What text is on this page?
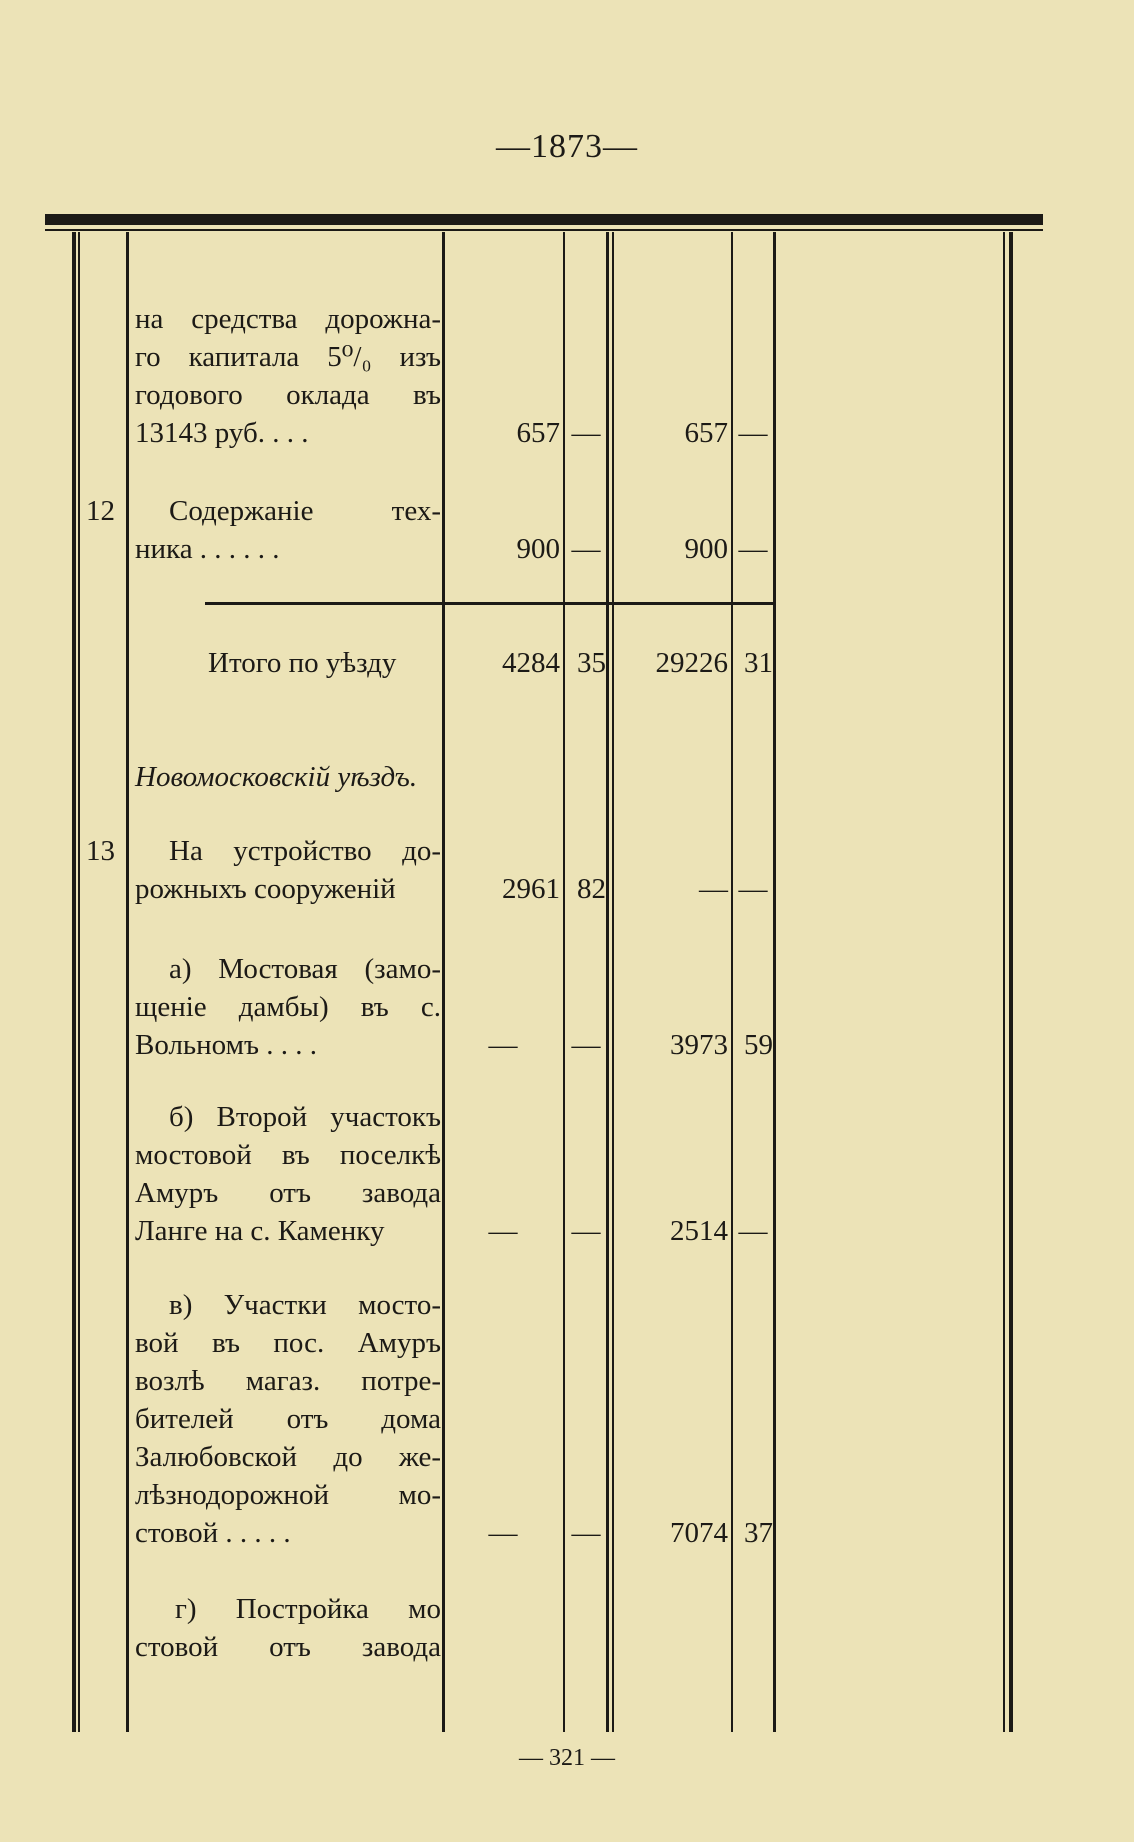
—1873—
на средства дорожна-
го капитала 5⁰/₀ изъ
годового оклада въ
13143 руб. . . .	657 —	657 —
12	Содержаніе тех-
ника . . . . . .	900 —	900 —
Итого по уѣзду	4284 35	29226 31
Новомосковскій уѣздъ.
13	На устройство до-
рожныхъ сооруженій	2961 82	— —
а) Мостовая (замо-
щеніе дамбы) въ с.
Вольномъ . . . .	—	—	3973 59
б) Второй участокъ
мостовой въ поселкѣ
Амуръ отъ завода
Ланге на с. Каменку	—	—	2514 —
в) Участки мосто-
вой въ пос. Амуръ
возлѣ магаз. потре-
бителей отъ дома
Залюбовской до же-
лѣзнодорожной мо-
стовой . . . . .	—	—	7074 37
г) Постройка мо
стовой отъ завода
— 321 —
